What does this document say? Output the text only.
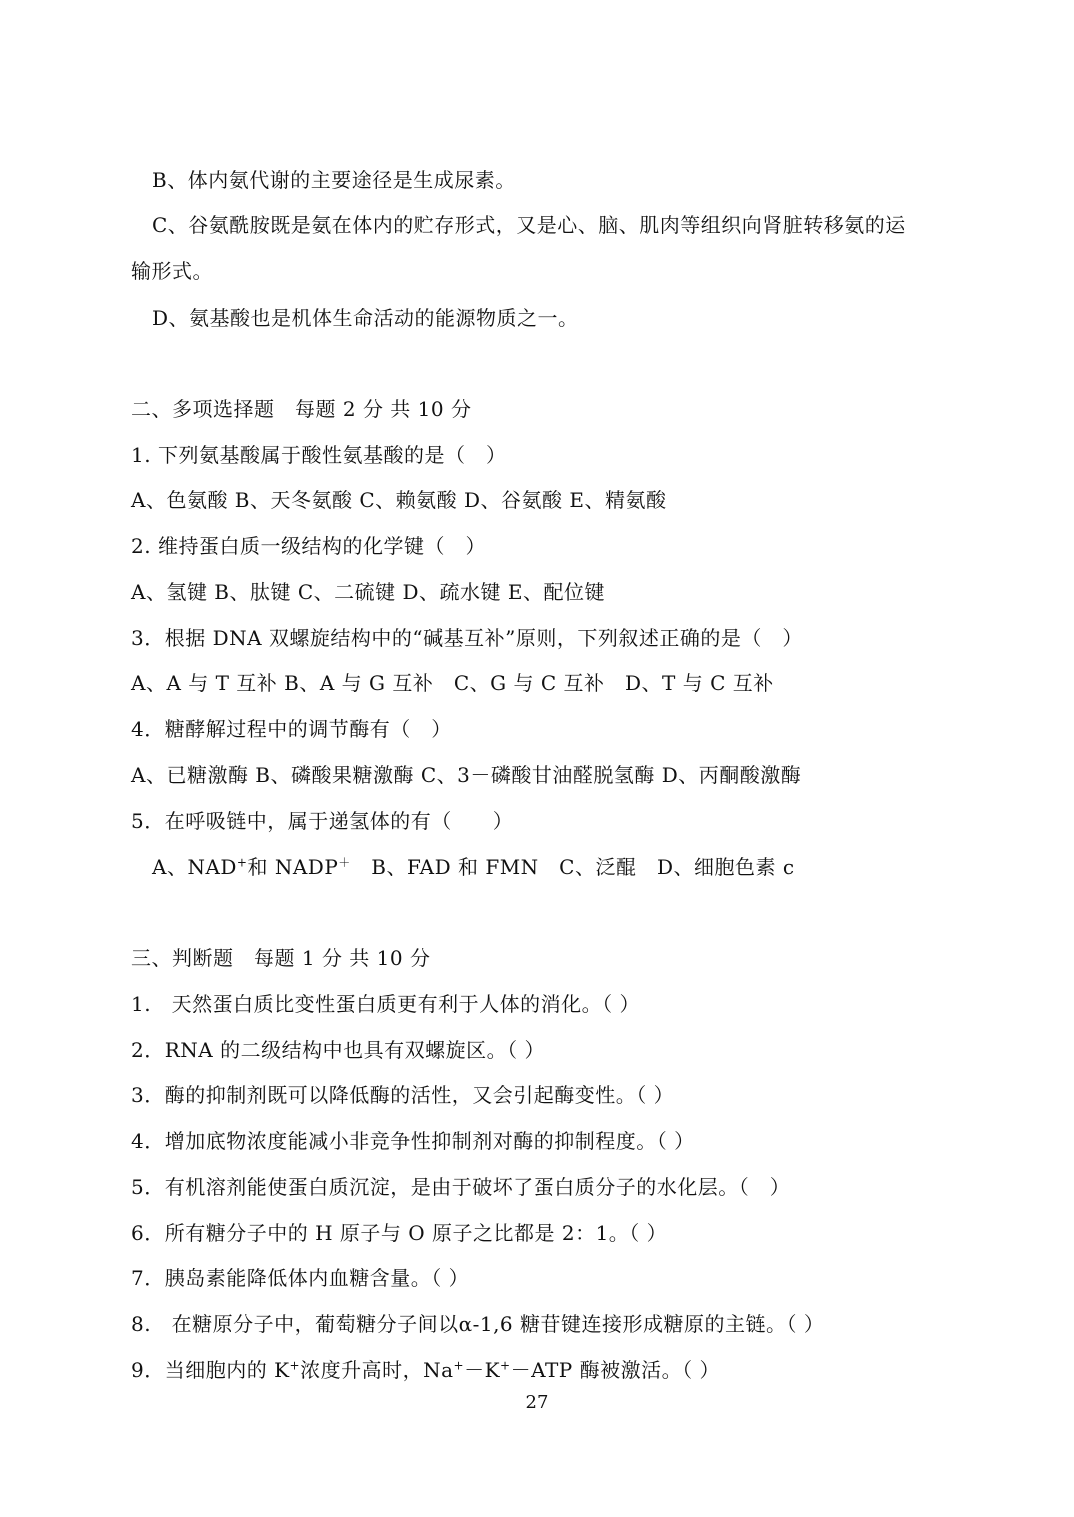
B、体内氨代谢的主要途径是生成尿素。
C、谷氨酰胺既是氨在体内的贮存形式，又是心、脑、肌肉等组织向肾脏转移氨的运
输形式。
D、氨基酸也是机体生命活动的能源物质之一。
二、多项选择题　每题 2 分 共 10 分
1. 下列氨基酸属于酸性氨基酸的是（　）
A、色氨酸 B、天冬氨酸 C、赖氨酸 D、谷氨酸 E、精氨酸
2. 维持蛋白质一级结构的化学键（　）
A、氢键 B、肽键 C、二硫键 D、疏水键 E、配位键
3．根据 DNA 双螺旋结构中的“碱基互补”原则，下列叙述正确的是（　）
A、A 与 T 互补 B、A 与 G 互补　C、G 与 C 互补　D、T 与 C 互补
4．糖酵解过程中的调节酶有（　）
A、已糖激酶 B、磷酸果糖激酶 C、3－磷酸甘油醛脱氢酶 D、丙酮酸激酶
5．在呼吸链中，属于递氢体的有（　　）
A、NAD+和 NADP＋　B、FAD 和 FMN　C、泛醌　D、细胞色素 c
三、判断题　每题 1 分 共 10 分
1.　天然蛋白质比变性蛋白质更有利于人体的消化。（ ）
2．RNA 的二级结构中也具有双螺旋区。（ ）
3．酶的抑制剂既可以降低酶的活性，又会引起酶变性。（ ）
4．增加底物浓度能减小非竞争性抑制剂对酶的抑制程度。（ ）
5．有机溶剂能使蛋白质沉淀，是由于破坏了蛋白质分子的水化层。（　）
6．所有糖分子中的 H 原子与 O 原子之比都是 2：1。（ ）
7．胰岛素能降低体内血糖含量。（ ）
8.　在糖原分子中，葡萄糖分子间以α-1,6 糖苷键连接形成糖原的主链。（ ）
9．当细胞内的 K+浓度升高时，Na+－K+－ATP 酶被激活。（ ）
27
